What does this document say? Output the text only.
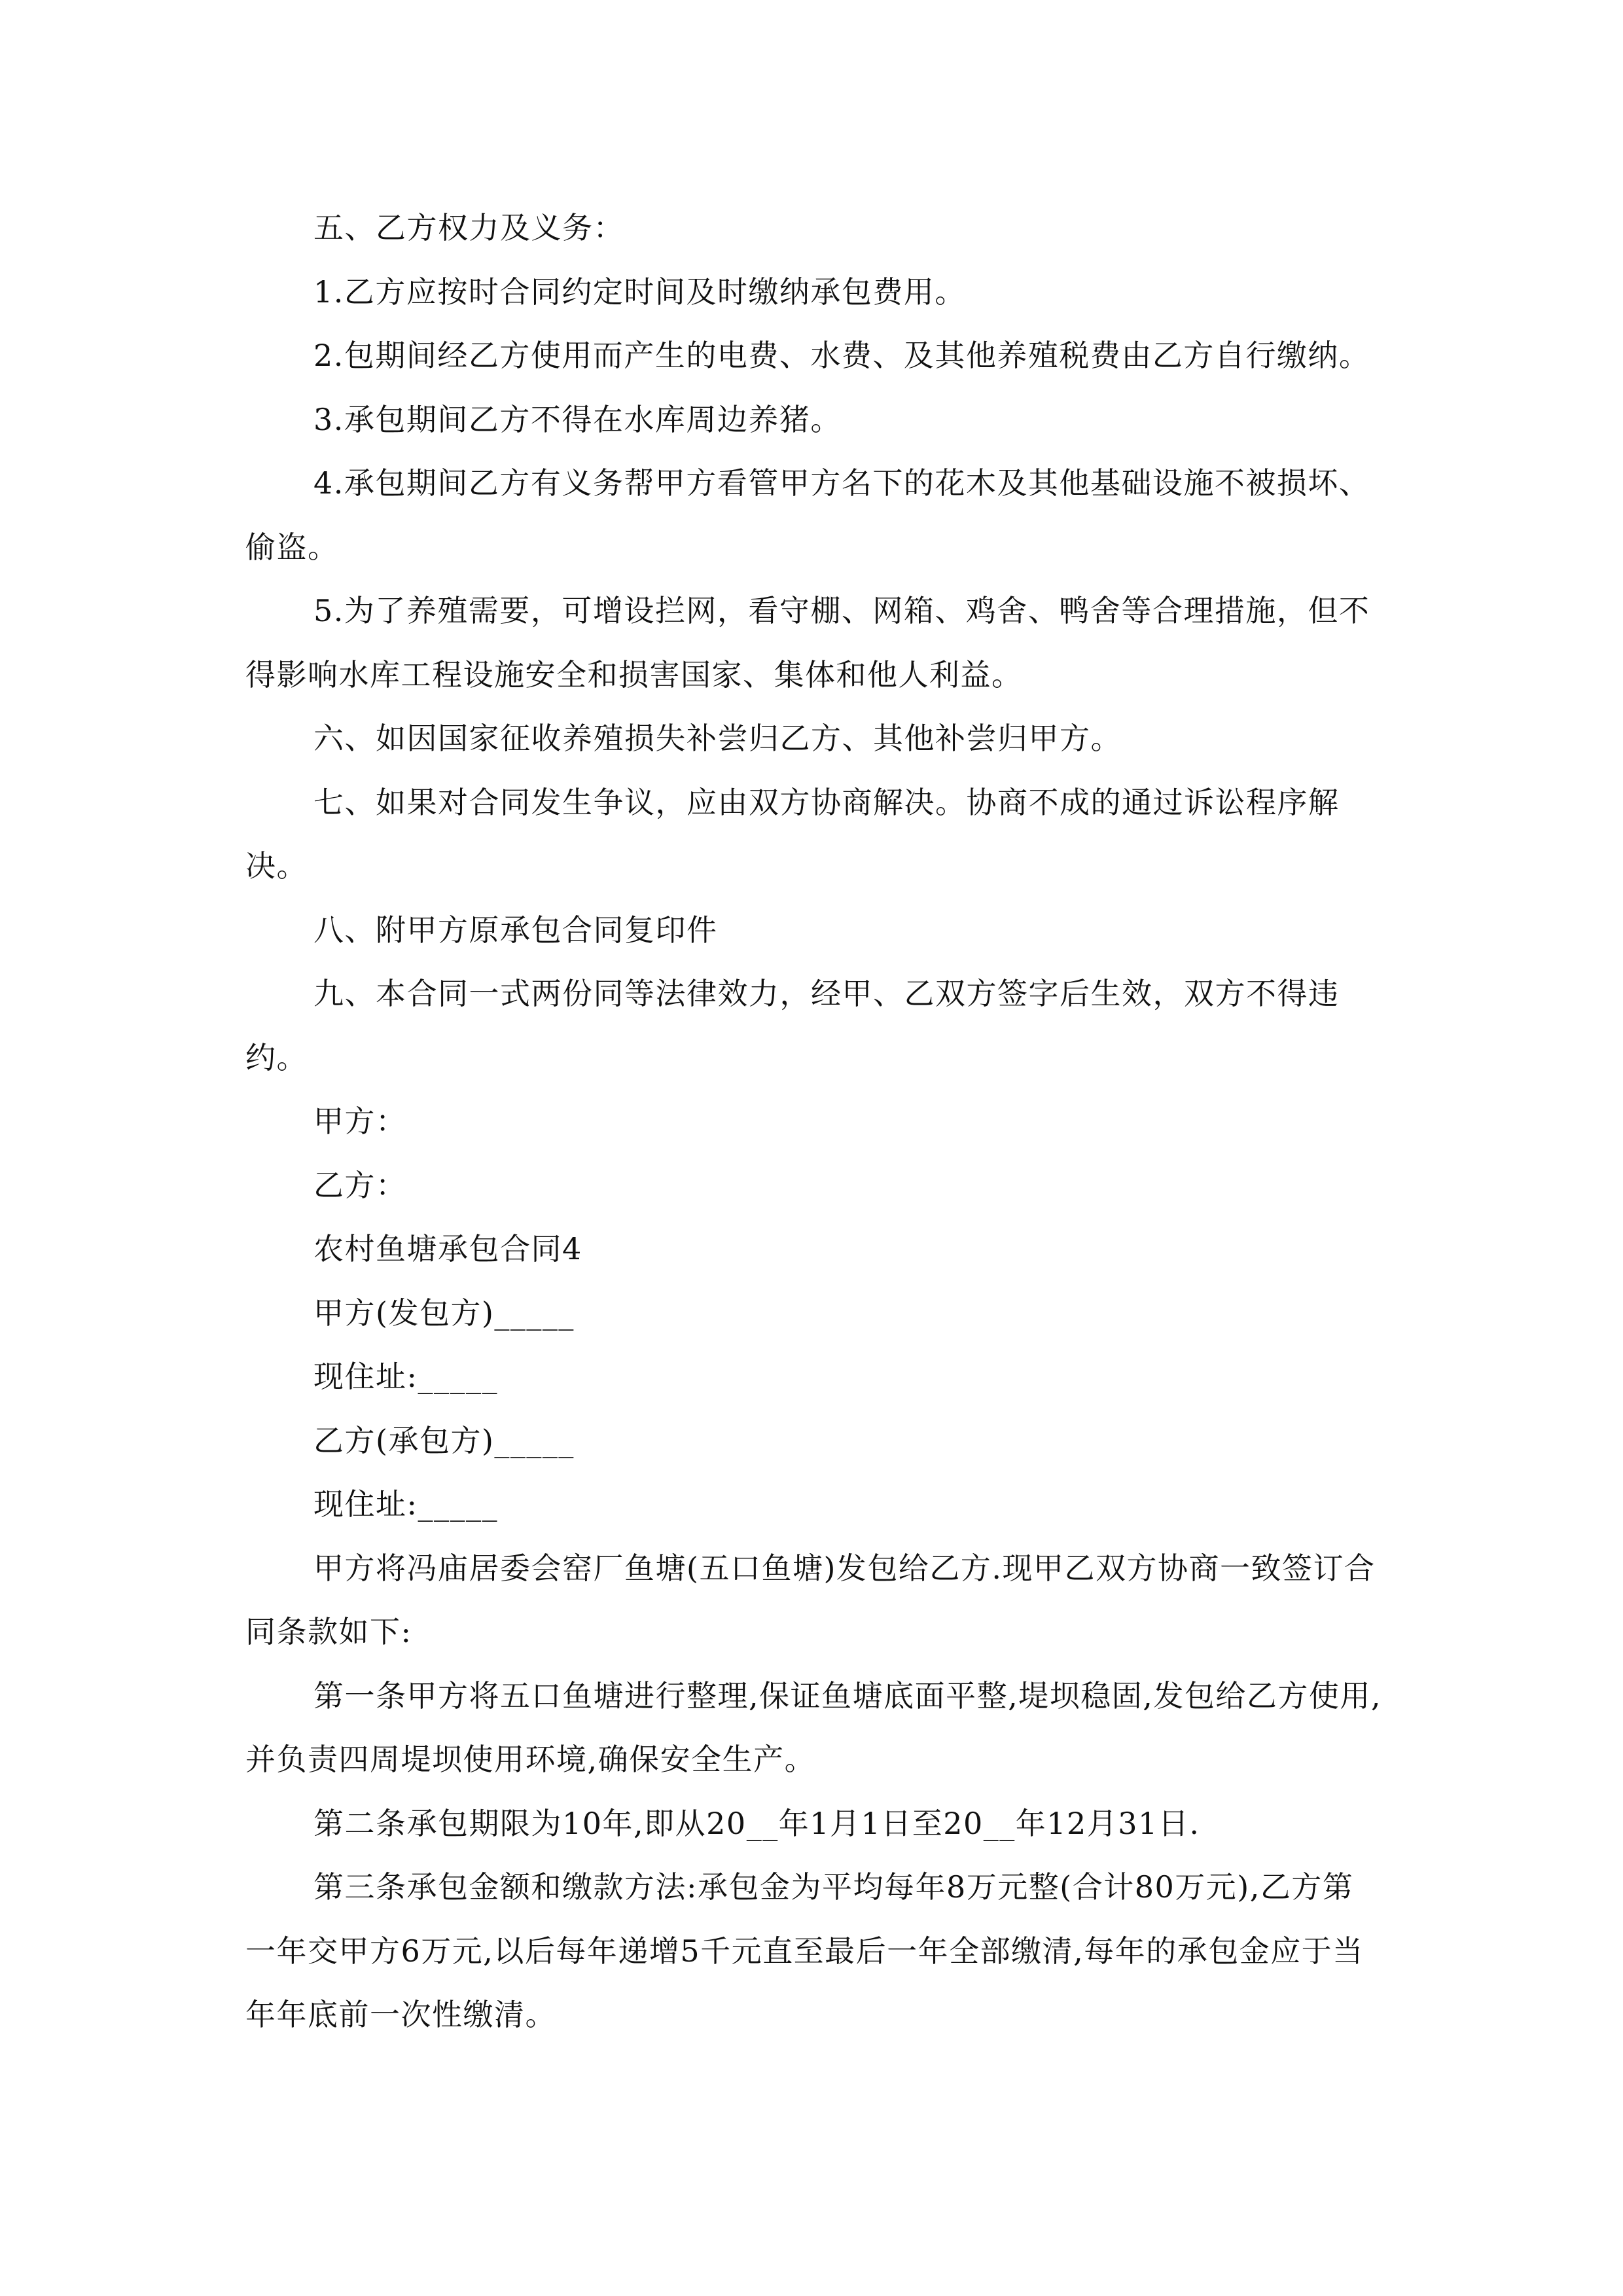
五、乙方权力及义务：

1.乙方应按时合同约定时间及时缴纳承包费用。

2.包期间经乙方使用而产生的电费、水费、及其他养殖税费由乙方自行缴纳。

3.承包期间乙方不得在水库周边养猪。

4.承包期间乙方有义务帮甲方看管甲方名下的花木及其他基础设施不被损坏、偷盗。

5.为了养殖需要，可增设拦网，看守棚、网箱、鸡舍、鸭舍等合理措施，但不得影响水库工程设施安全和损害国家、集体和他人利益。

六、如因国家征收养殖损失补尝归乙方、其他补尝归甲方。

七、如果对合同发生争议，应由双方协商解决。协商不成的通过诉讼程序解决。

八、附甲方原承包合同复印件

九、本合同一式两份同等法律效力，经甲、乙双方签字后生效，双方不得违约。

甲方：

乙方：

农村鱼塘承包合同4

甲方(发包方)_____

现住址:_____

乙方(承包方)_____

现住址:_____

甲方将冯庙居委会窑厂鱼塘(五口鱼塘)发包给乙方.现甲乙双方协商一致签订合同条款如下:

第一条甲方将五口鱼塘进行整理,保证鱼塘底面平整,堤坝稳固,发包给乙方使用,并负责四周堤坝使用环境,确保安全生产。

第二条承包期限为10年,即从20__年1月1日至20__年12月31日.

第三条承包金额和缴款方法:承包金为平均每年8万元整(合计80万元),乙方第一年交甲方6万元,以后每年递增5千元直至最后一年全部缴清,每年的承包金应于当年年底前一次性缴清。
